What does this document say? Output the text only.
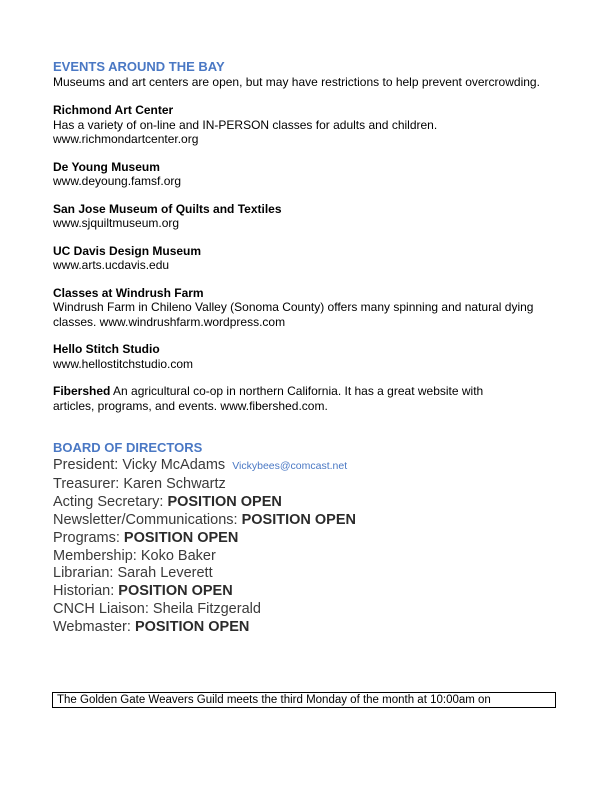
EVENTS AROUND THE BAY

Museums and art centers are open, but may have restrictions to help prevent overcrowding.

Richmond Art Center

Has a variety of on-line and IN-PERSON classes for adults and children.

www.richmondartcenter.org

De Young Museum

www.deyoung.famsf.org

San Jose Museum of Quilts and Textiles

www.sjquiltmuseum.org

UC Davis Design Museum

www.arts.ucdavis.edu

Classes at Windrush Farm

Windrush Farm in Chileno Valley (Sonoma County) offers many spinning and natural dying

classes. www.windrushfarm.wordpress.com

Hello Stitch Studio

www.hellostitchstudio.com

Fibershed An agricultural co-op in northern California. It has a great website with

articles, programs, and events. www.fibershed.com.

BOARD OF DIRECTORS
President: Vicky McAdams Vickybees@comcast.net
Treasurer: Karen Schwartz
Acting Secretary: POSITION OPEN
Newsletter/Communications: POSITION OPEN
Programs: POSITION OPEN
Membership: Koko Baker
Librarian: Sarah Leverett
Historian: POSITION OPEN
CNCH Liaison: Sheila Fitzgerald
Webmaster: POSITION OPEN
The Golden Gate Weavers Guild meets the third Monday of the month at 10:00am on
